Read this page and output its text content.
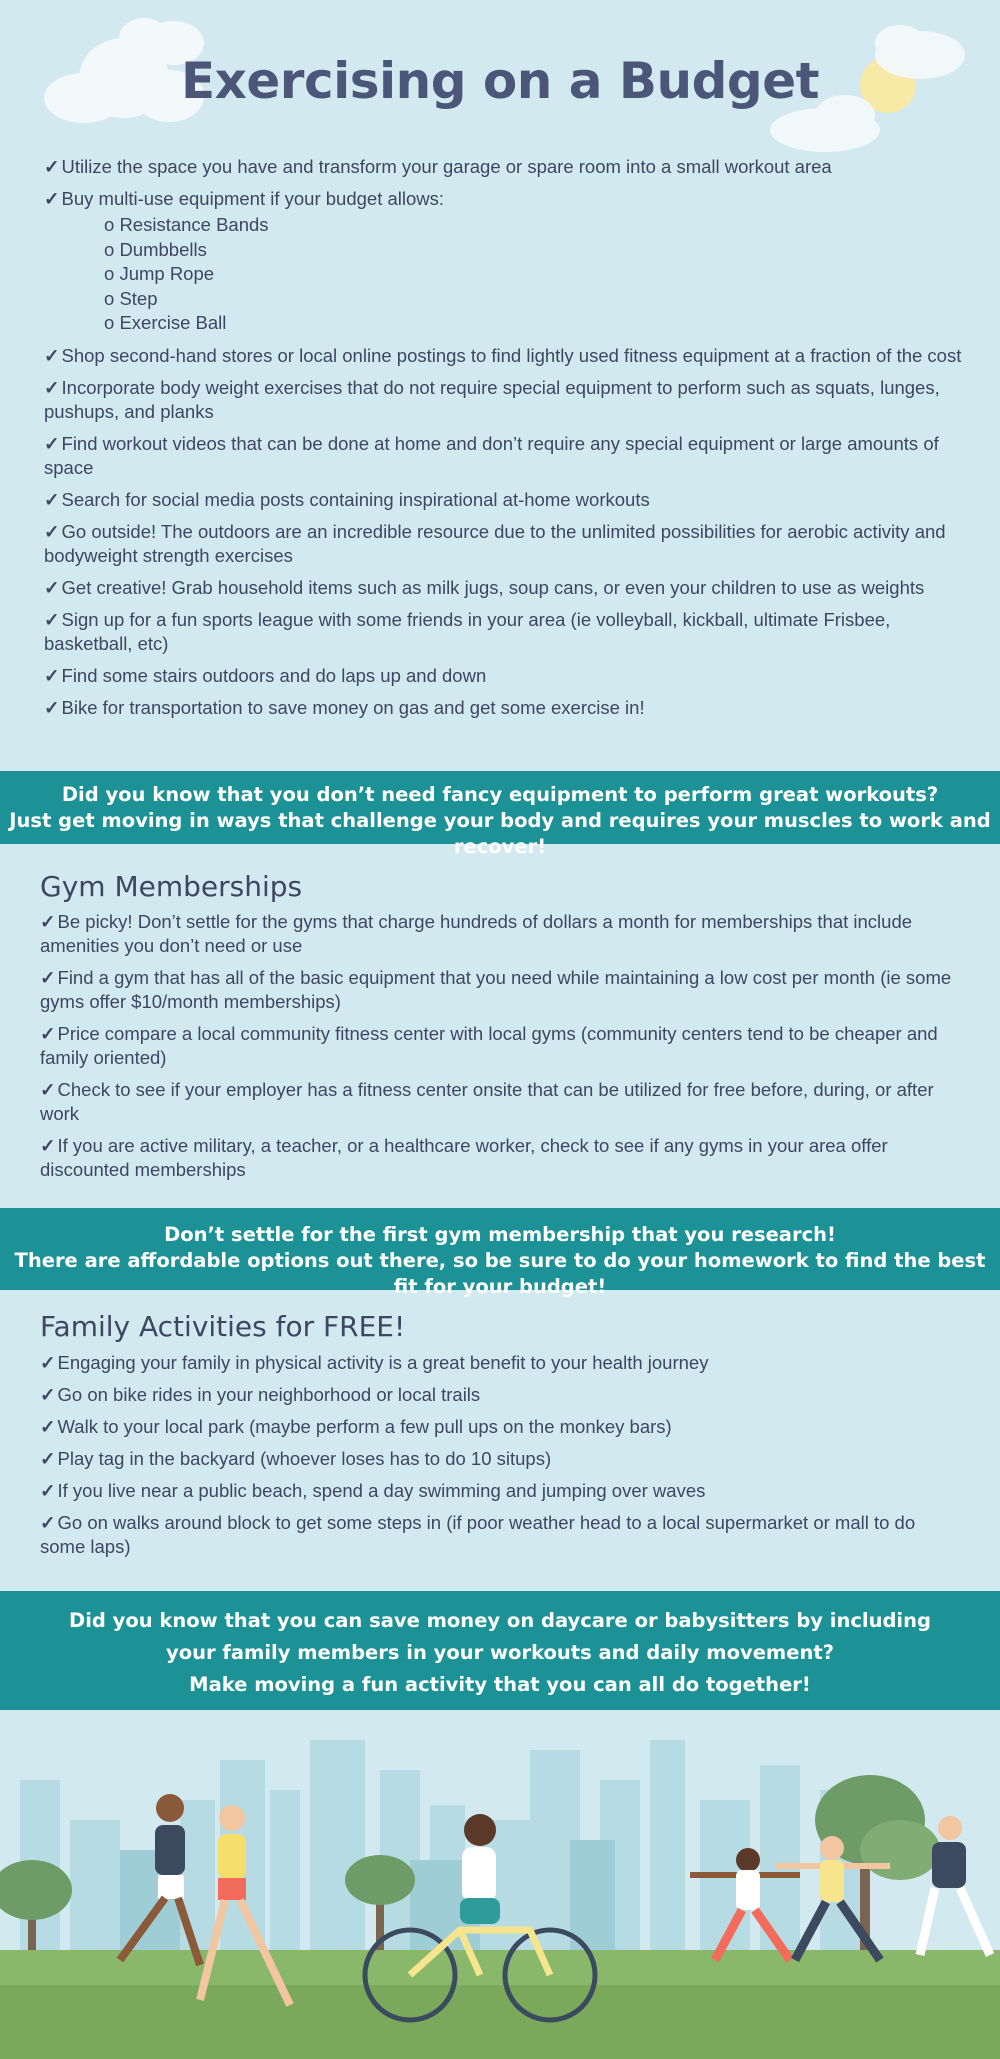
Exercising on a Budget
✓ Utilize the space you have and transform your garage or spare room into a small workout area
✓ Buy multi-use equipment if your budget allows:
o Resistance Bands
o Dumbbells
o Jump Rope
o Step
o Exercise Ball
✓ Shop second-hand stores or local online postings to find lightly used fitness equipment at a fraction of the cost
✓ Incorporate body weight exercises that do not require special equipment to perform such as squats, lunges, pushups, and planks
✓ Find workout videos that can be done at home and don’t require any special equipment or large amounts of space
✓ Search for social media posts containing inspirational at-home workouts
✓ Go outside! The outdoors are an incredible resource due to the unlimited possibilities for aerobic activity and bodyweight strength exercises
✓ Get creative! Grab household items such as milk jugs, soup cans, or even your children to use as weights
✓ Sign up for a fun sports league with some friends in your area (ie volleyball, kickball, ultimate Frisbee, basketball, etc)
✓ Find some stairs outdoors and do laps up and down
✓ Bike for transportation to save money on gas and get some exercise in!
Did you know that you don’t need fancy equipment to perform great workouts?
Just get moving in ways that challenge your body and requires your muscles to work and recover!
Gym Memberships
✓ Be picky! Don’t settle for the gyms that charge hundreds of dollars a month for memberships that include amenities you don’t need or use
✓ Find a gym that has all of the basic equipment that you need while maintaining a low cost per month (ie some gyms offer $10/month memberships)
✓ Price compare a local community fitness center with local gyms (community centers tend to be cheaper and family oriented)
✓ Check to see if your employer has a fitness center onsite that can be utilized for free before, during, or after work
✓ If you are active military, a teacher, or a healthcare worker, check to see if any gyms in your area offer discounted memberships
Don’t settle for the first gym membership that you research!
There are affordable options out there, so be sure to do your homework to find the best fit for your budget!
Family Activities for FREE!
✓ Engaging your family in physical activity is a great benefit to your health journey
✓ Go on bike rides in your neighborhood or local trails
✓ Walk to your local park (maybe perform a few pull ups on the monkey bars)
✓ Play tag in the backyard (whoever loses has to do 10 situps)
✓ If you live near a public beach, spend a day swimming and jumping over waves
✓ Go on walks around block to get some steps in (if poor weather head to a local supermarket or mall to do some laps)
Did you know that you can save money on daycare or babysitters by including
your family members in your workouts and daily movement?
Make moving a fun activity that you can all do together!
